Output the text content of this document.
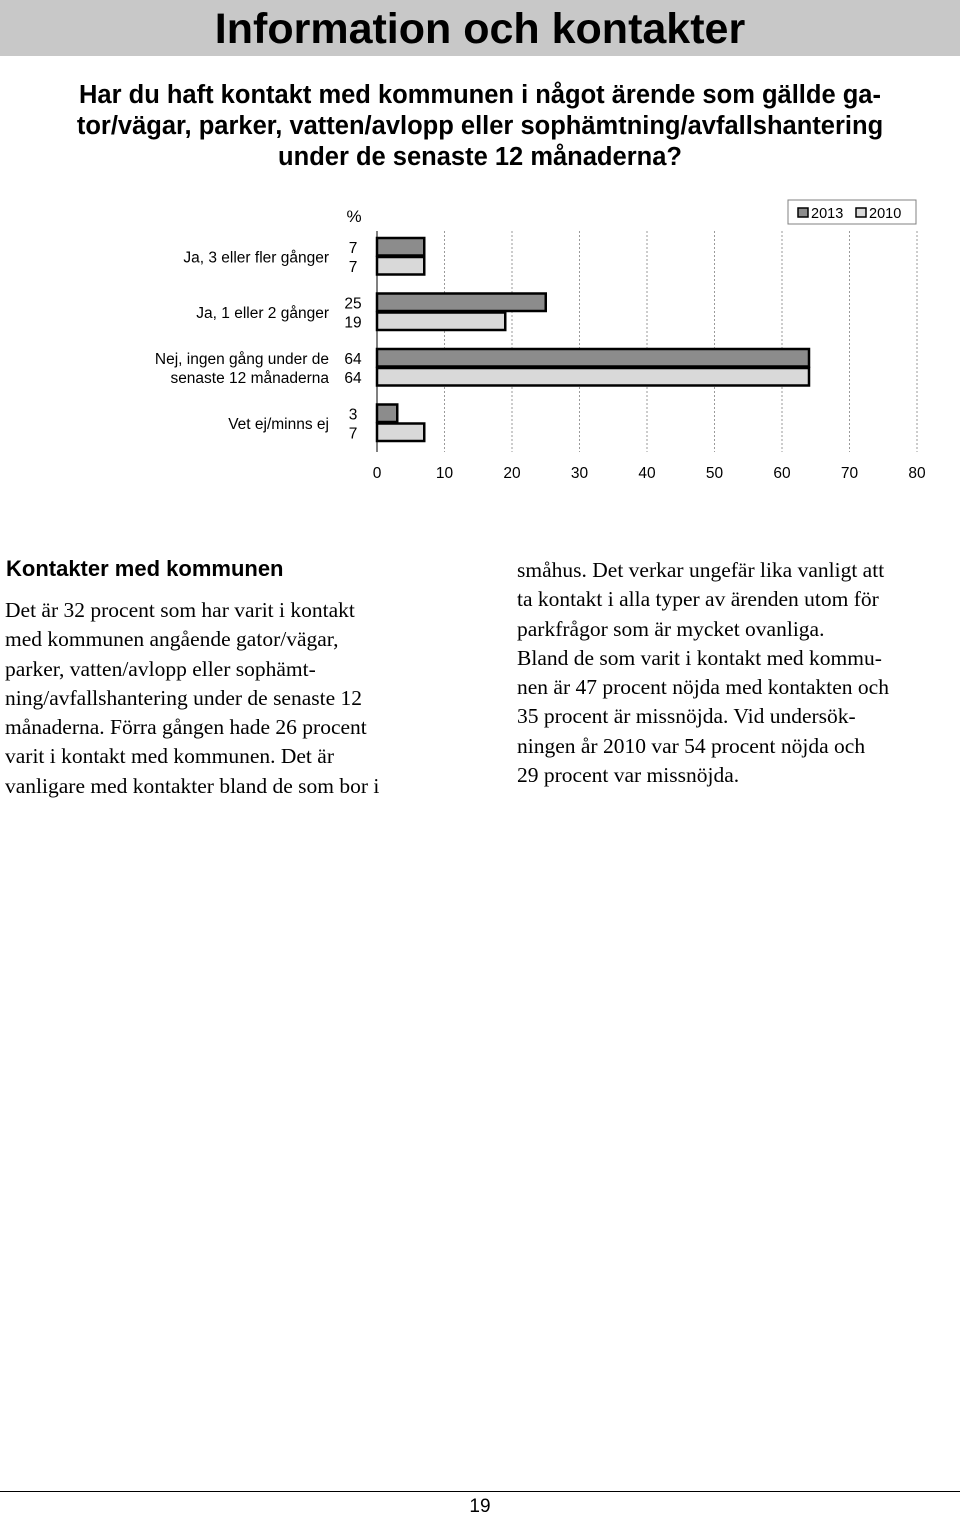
Information och kontakter
Har du haft kontakt med kommunen i något ärende som gällde ga-
tor/vägar, parker, vatten/avlopp eller sophämtning/avfallshantering
under de senaste 12 månaderna?
%
Ja, 3 eller fler gånger
7
7
Ja, 1 eller 2 gånger
25
19
Nej, ingen gång under de
senaste 12 månaderna
64
64
Vet ej/minns ej
3
7
0	10	20	30	40	50	60	70	80
2013 2010
Kontakter med kommunen
Det är 32 procent som har varit i kontakt
med kommunen angående gator/vägar,
parker, vatten/avlopp eller sophämt-
ning/avfallshantering under de senaste 12
månaderna. Förra gången hade 26 procent
varit i kontakt med kommunen. Det är
vanligare med kontakter bland de som bor i
småhus. Det verkar ungefär lika vanligt att
ta kontakt i alla typer av ärenden utom för
parkfrågor som är mycket ovanliga.
Bland de som varit i kontakt med kommu-
nen är 47 procent nöjda med kontakten och
35 procent är missnöjda. Vid undersök-
ningen år 2010 var 54 procent nöjda och
29 procent var missnöjda.
19
